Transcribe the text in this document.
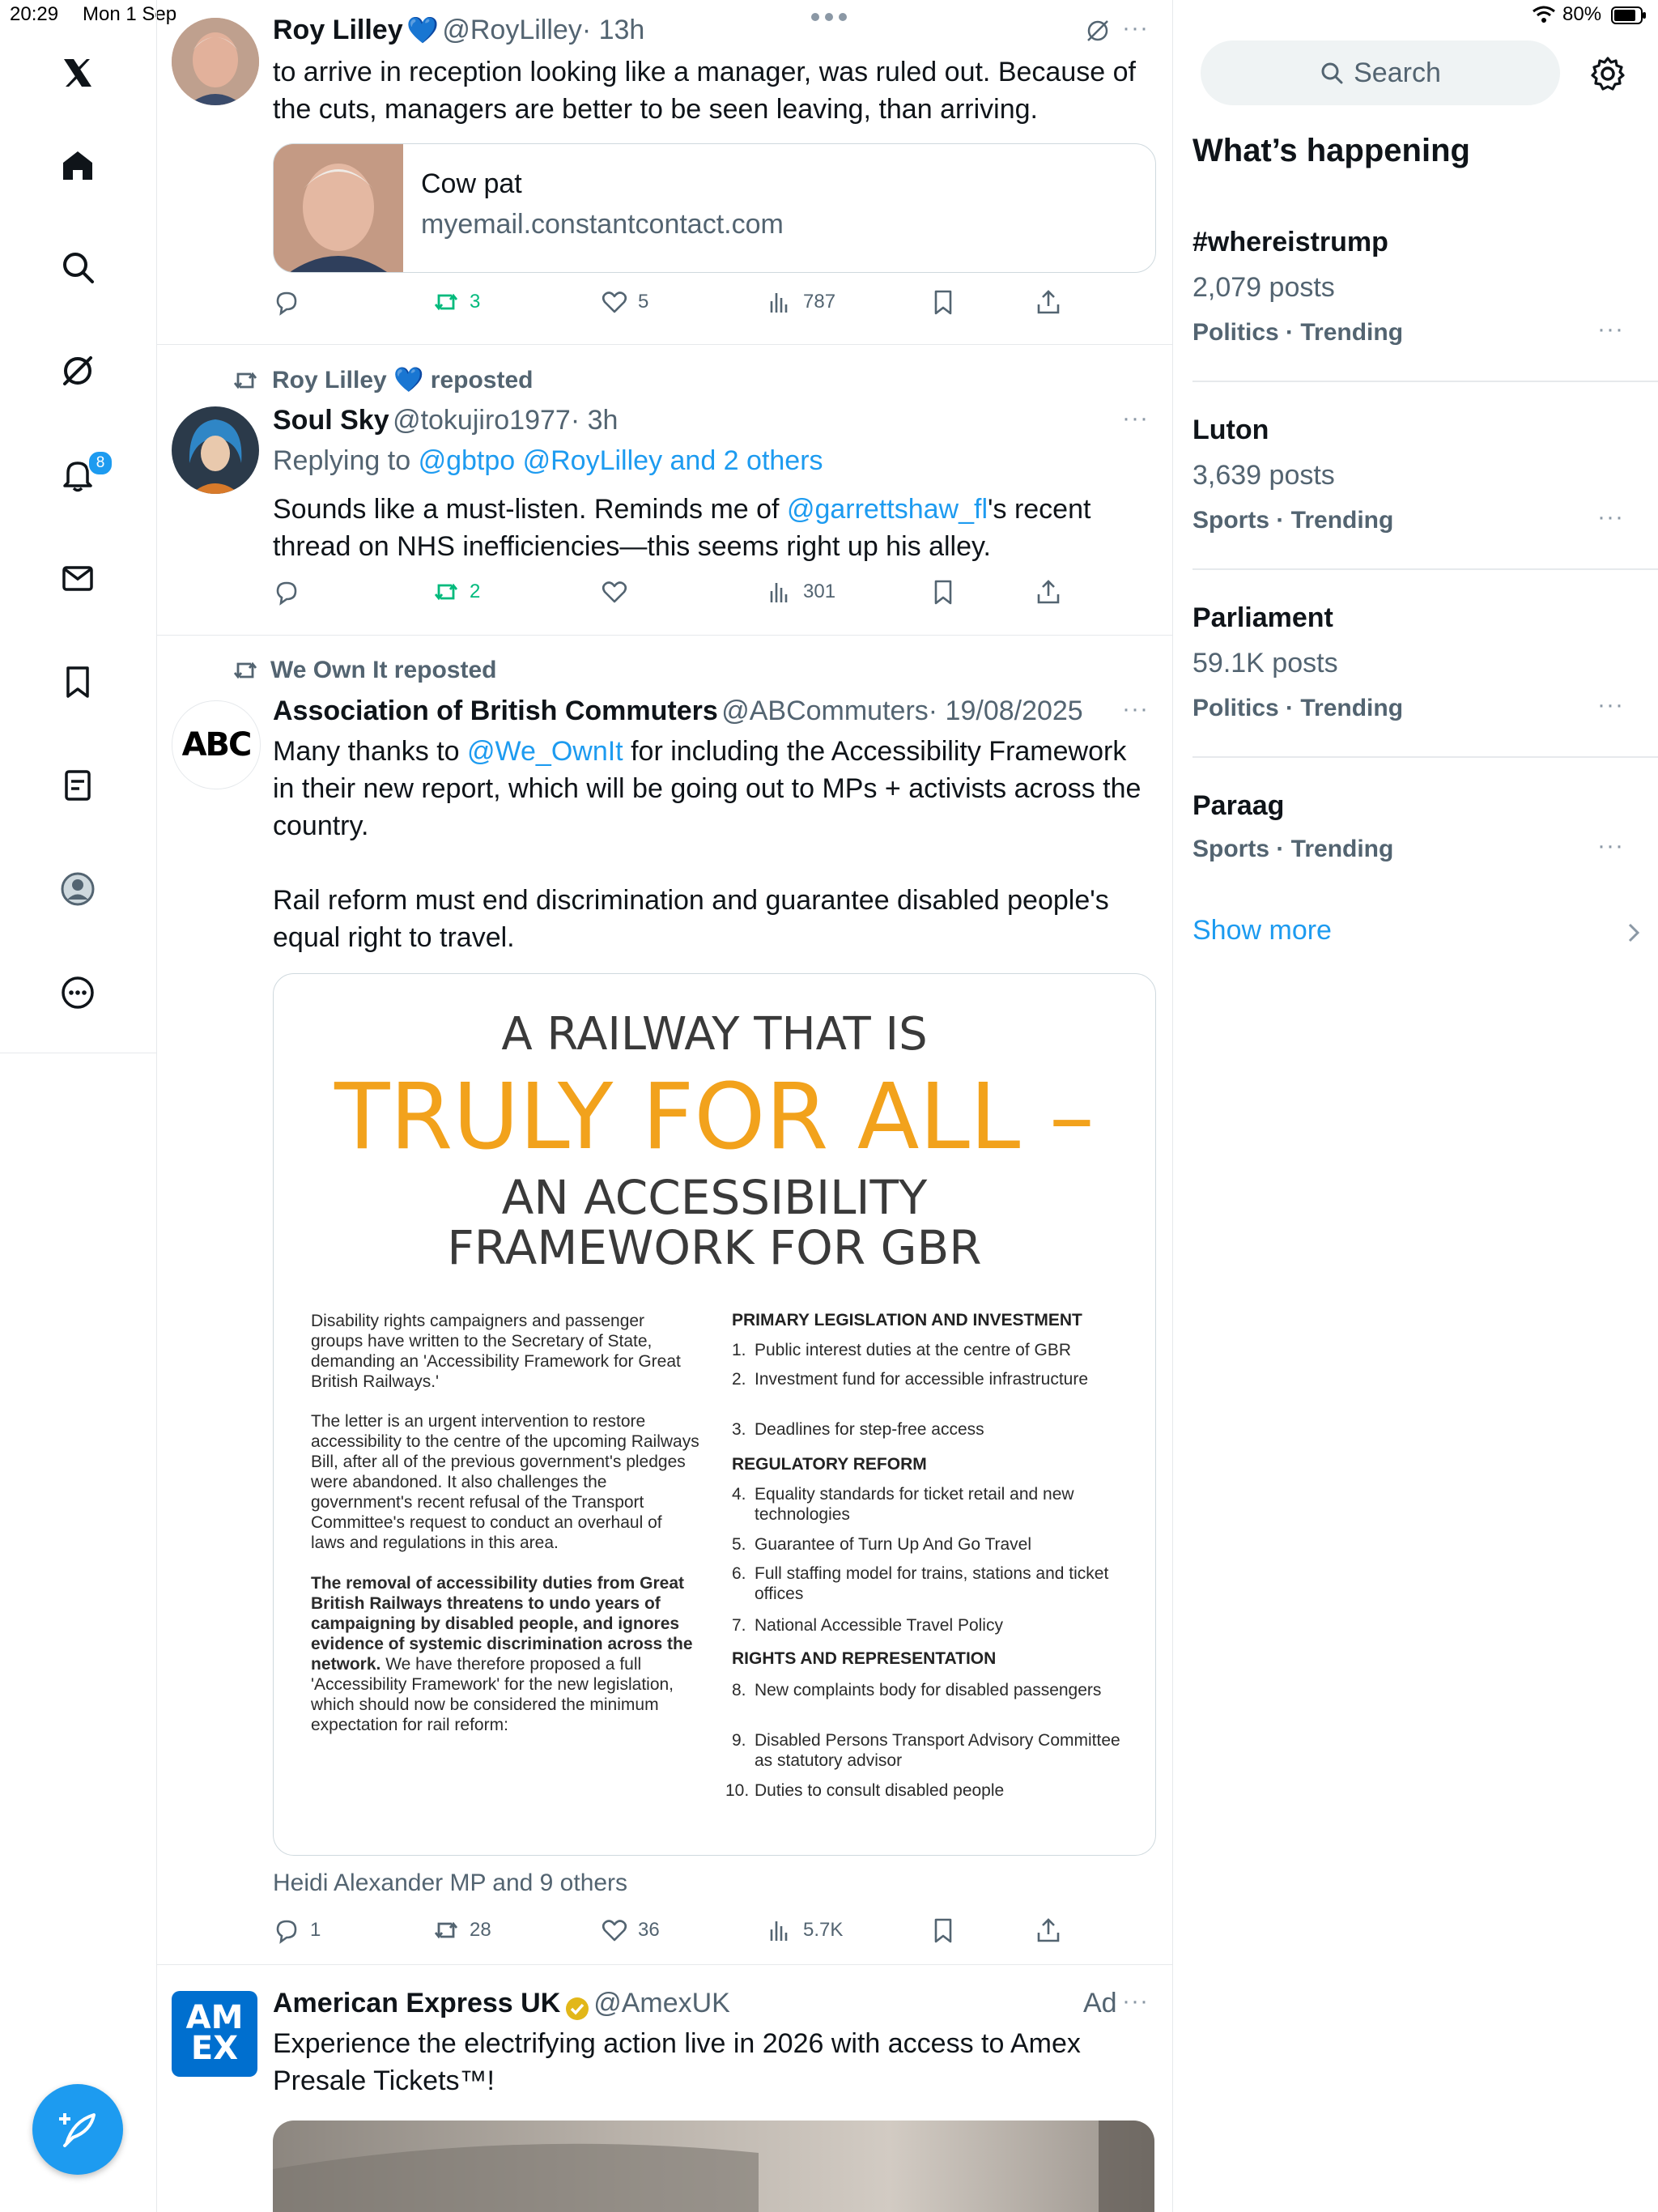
20:29 Mon 1 Sep	80%
8
Roy Lilley 💙 @RoyLilley· 13h	···
to arrive in reception looking like a manager, was ruled out. Because of the cuts, managers are better to be seen leaving, than arriving.
Cow pat
myemail.constantcontact.com
3	5	787
Roy Lilley 💙 reposted
Soul Sky @tokujiro1977· 3h	···
Replying to @gbtpo @RoyLilley and 2 others
Sounds like a must-listen. Reminds me of @garrettshaw_fl's recent thread on NHS inefficiencies—this seems right up his alley.
2	301
We Own It reposted
ABC
Association of British Commuters @ABCommuters· 19/08/2025 ···
Many thanks to @We_OwnIt for including the Accessibility Framework in their new report, which will be going out to MPs + activists across the country.

Rail reform must end discrimination and guarantee disabled people's equal right to travel.
A RAILWAY THAT IS
TRULY FOR ALL –
AN ACCESSIBILITY
FRAMEWORK FOR GBR
Disability rights campaigners and passenger groups have written to the Secretary of State, demanding an 'Accessibility Framework for Great British Railways.'
The letter is an urgent intervention to restore accessibility to the centre of the upcoming Railways Bill, after all of the previous government's pledges were abandoned. It also challenges the government's recent refusal of the Transport Committee's request to conduct an overhaul of laws and regulations in this area.
The removal of accessibility duties from Great British Railways threatens to undo years of campaigning by disabled people, and ignores evidence of systemic discrimination across the network. We have therefore proposed a full 'Accessibility Framework' for the new legislation, which should now be considered the minimum expectation for rail reform:
PRIMARY LEGISLATION AND INVESTMENT
1. Public interest duties at the centre of GBR
2. Investment fund for accessible infrastructure
3. Deadlines for step-free access
REGULATORY REFORM
4. Equality standards for ticket retail and new technologies
5. Guarantee of Turn Up And Go Travel
6. Full staffing model for trains, stations and ticket offices
7. National Accessible Travel Policy
RIGHTS AND REPRESENTATION
8. New complaints body for disabled passengers
9. Disabled Persons Transport Advisory Committee as statutory advisor
10. Duties to consult disabled people
Heidi Alexander MP and 9 others
1	28	36	5.7K
AM
EX
American Express UK @AmexUK	Ad ···
Experience the electrifying action live in 2026 with access to Amex Presale Tickets™!
Search
What’s happening
#whereistrump
2,079 posts
Politics · Trending	···
Luton
3,639 posts
Sports · Trending	···
Parliament
59.1K posts
Politics · Trending	···
Paraag
Sports · Trending	···
Show more
